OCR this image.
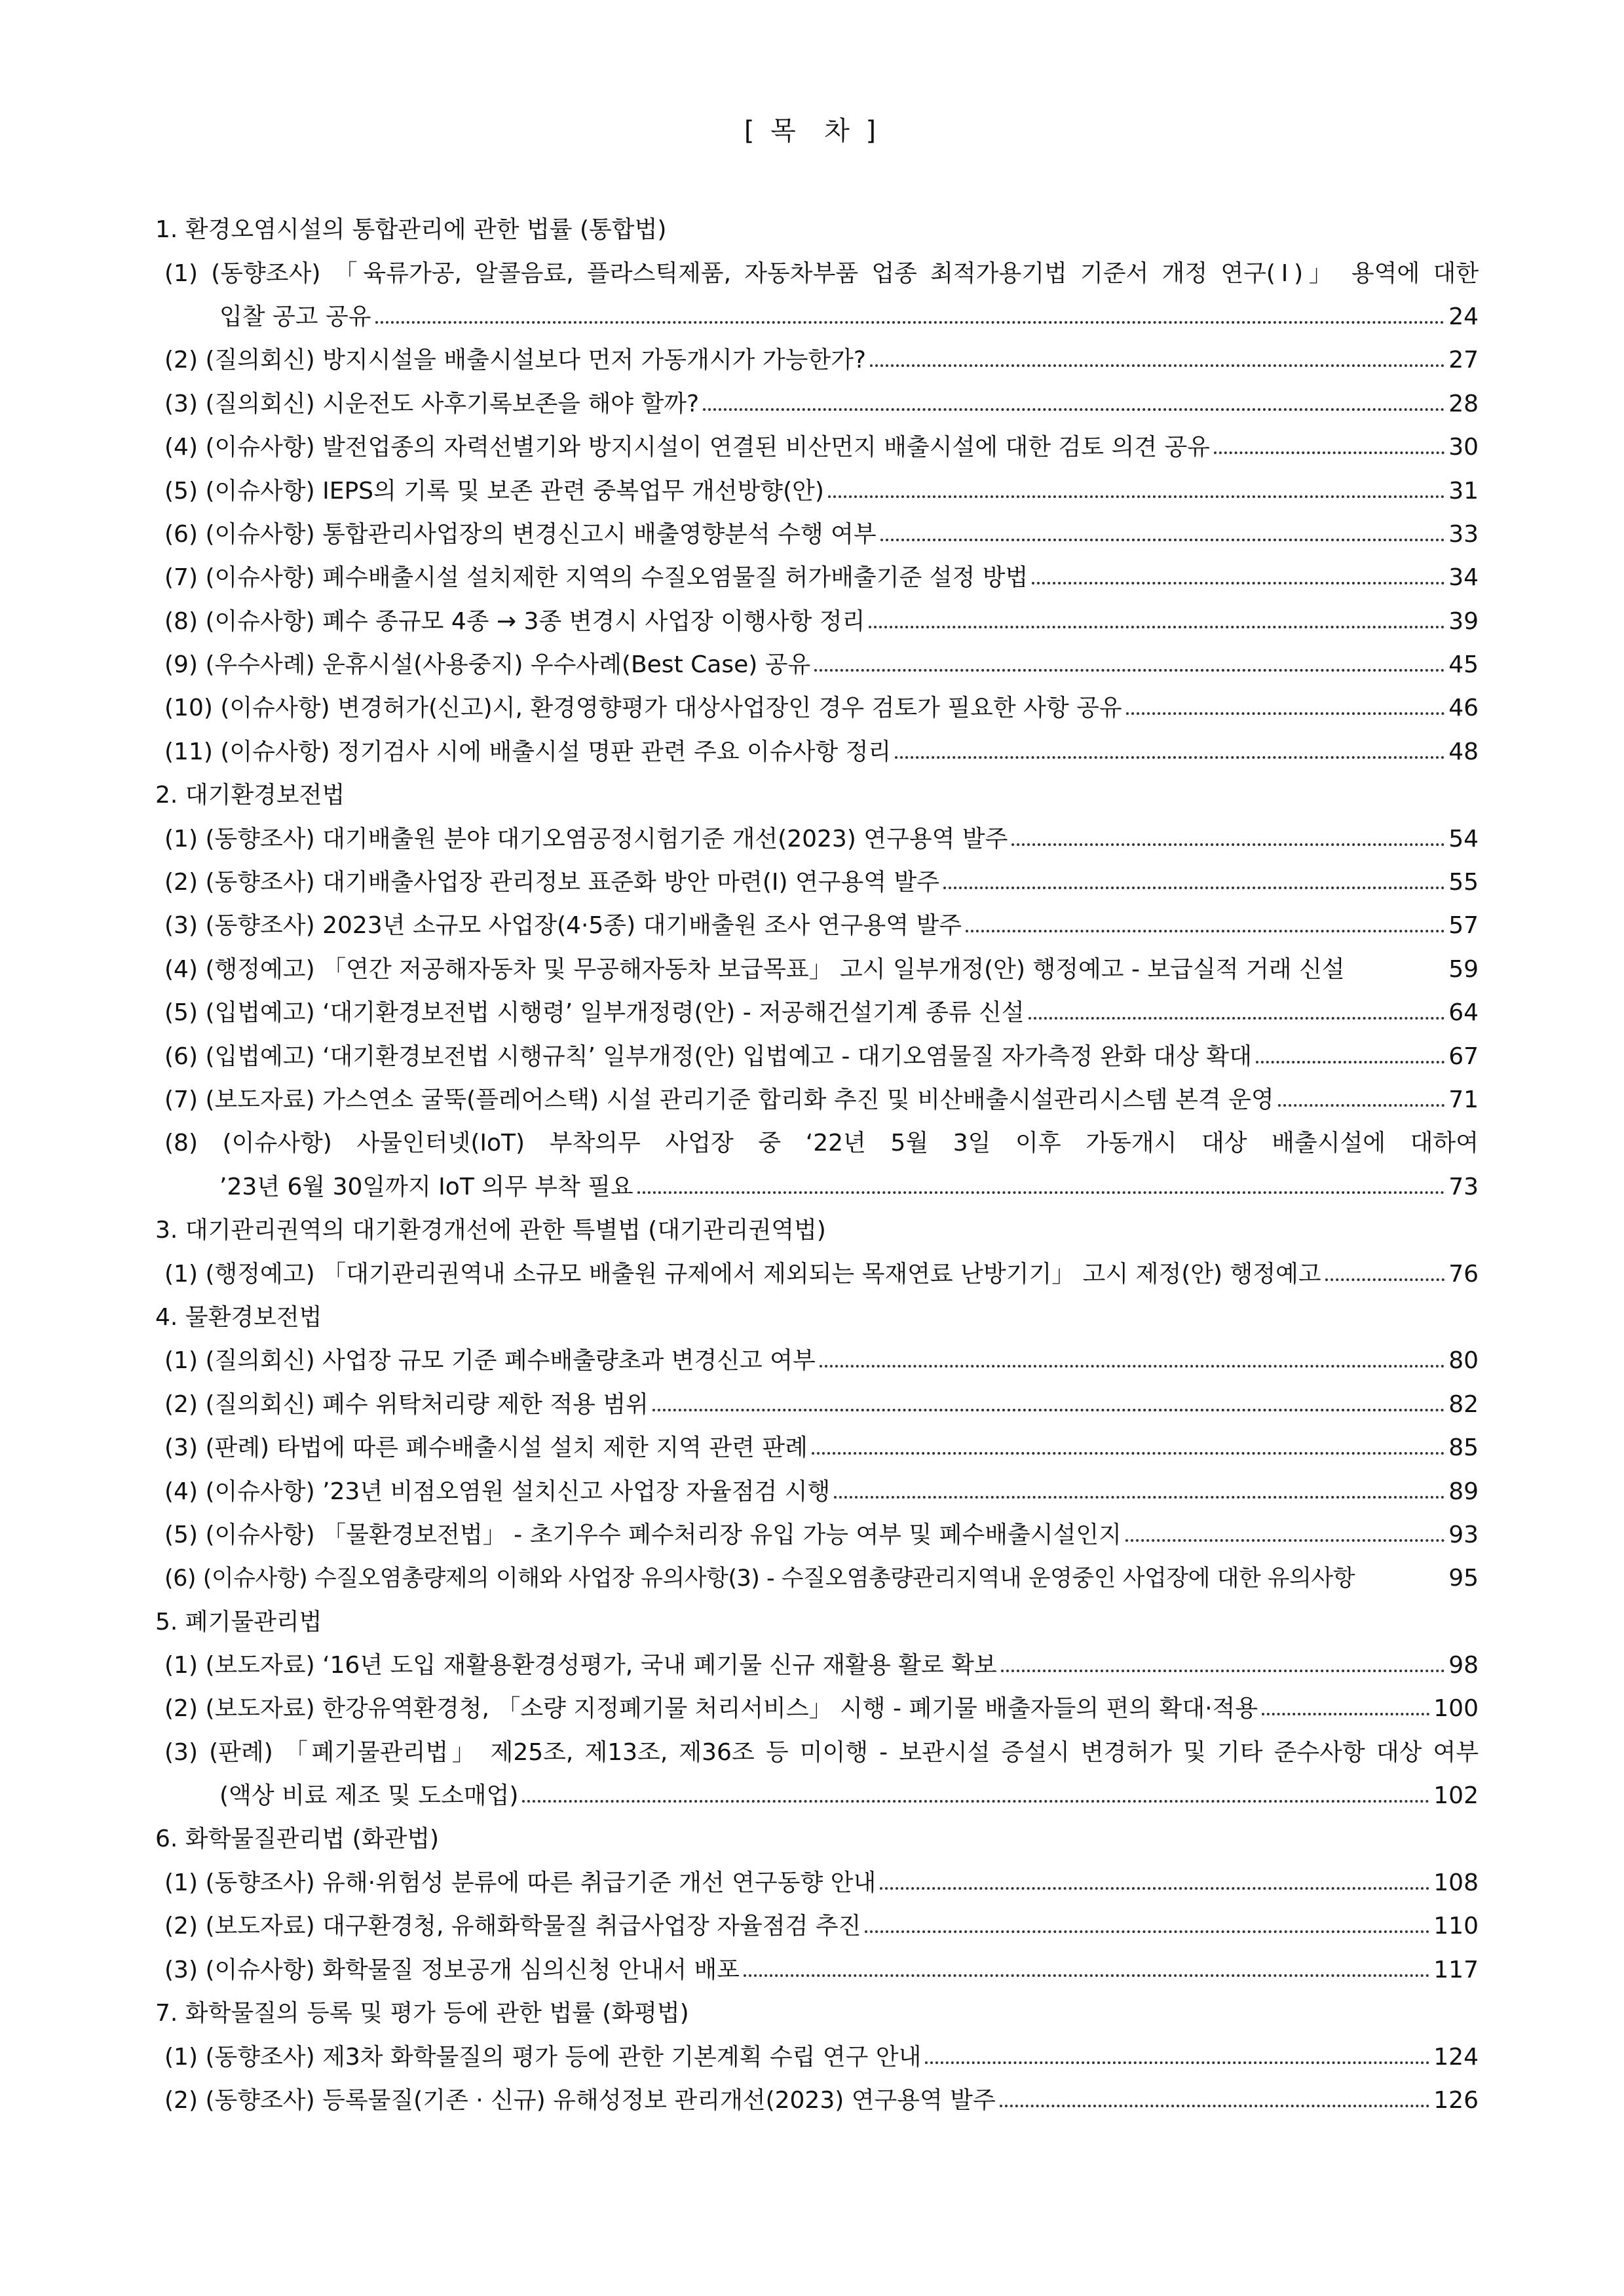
[ 목  차 ]
1. 환경오염시설의 통합관리에 관한 법률 (통합법)
(1) (동향조사) 「육류가공, 알콜음료, 플라스틱제품, 자동차부품 업종 최적가용기법 기준서 개정 연구(Ⅰ)」 용역에 대한
입찰 공고 공유	24
(2) (질의회신) 방지시설을 배출시설보다 먼저 가동개시가 가능한가?	27
(3) (질의회신) 시운전도 사후기록보존을 해야 할까?	28
(4) (이슈사항) 발전업종의 자력선별기와 방지시설이 연결된 비산먼지 배출시설에 대한 검토 의견 공유	30
(5) (이슈사항) IEPS의 기록 및 보존 관련 중복업무 개선방향(안)	31
(6) (이슈사항) 통합관리사업장의 변경신고시 배출영향분석 수행 여부	33
(7) (이슈사항) 폐수배출시설 설치제한 지역의 수질오염물질 허가배출기준 설정 방법	34
(8) (이슈사항) 폐수 종규모 4종 → 3종 변경시 사업장 이행사항 정리	39
(9) (우수사례) 운휴시설(사용중지) 우수사례(Best Case) 공유	45
(10) (이슈사항) 변경허가(신고)시, 환경영향평가 대상사업장인 경우 검토가 필요한 사항 공유	46
(11) (이슈사항) 정기검사 시에 배출시설 명판 관련 주요 이슈사항 정리	48
2. 대기환경보전법
(1) (동향조사) 대기배출원 분야 대기오염공정시험기준 개선(2023) 연구용역 발주	54
(2) (동향조사) 대기배출사업장 관리정보 표준화 방안 마련(Ⅰ) 연구용역 발주	55
(3) (동향조사) 2023년 소규모 사업장(4·5종) 대기배출원 조사 연구용역 발주	57
(4) (행정예고) 「연간 저공해자동차 및 무공해자동차 보급목표」 고시 일부개정(안) 행정예고 - 보급실적 거래 신설	59
(5) (입법예고) ‘대기환경보전법 시행령’ 일부개정령(안) - 저공해건설기계 종류 신설	64
(6) (입법예고) ‘대기환경보전법 시행규칙’ 일부개정(안) 입법예고 - 대기오염물질 자가측정 완화 대상 확대	67
(7) (보도자료) 가스연소 굴뚝(플레어스택) 시설 관리기준 합리화 추진 및 비산배출시설관리시스템 본격 운영	71
(8) (이슈사항) 사물인터넷(IoT) 부착의무 사업장 중 ‘22년 5월 3일 이후 가동개시 대상 배출시설에 대하여
’23년 6월 30일까지 IoT 의무 부착 필요	73
3. 대기관리권역의 대기환경개선에 관한 특별법 (대기관리권역법)
(1) (행정예고) 「대기관리권역내 소규모 배출원 규제에서 제외되는 목재연료 난방기기」 고시 제정(안) 행정예고	76
4. 물환경보전법
(1) (질의회신) 사업장 규모 기준 폐수배출량초과 변경신고 여부	80
(2) (질의회신) 폐수 위탁처리량 제한 적용 범위	82
(3) (판례) 타법에 따른 폐수배출시설 설치 제한 지역 관련 판례	85
(4) (이슈사항) ’23년 비점오염원 설치신고 사업장 자율점검 시행	89
(5) (이슈사항) 「물환경보전법」 - 초기우수 폐수처리장 유입 가능 여부 및 폐수배출시설인지	93
(6) (이슈사항) 수질오염총량제의 이해와 사업장 유의사항(3) - 수질오염총량관리지역내 운영중인 사업장에 대한 유의사항	95
5. 폐기물관리법
(1) (보도자료) ‘16년 도입 재활용환경성평가, 국내 폐기물 신규 재활용 활로 확보	98
(2) (보도자료) 한강유역환경청, 「소량 지정폐기물 처리서비스」 시행 - 폐기물 배출자들의 편의 확대·적용	100
(3) (판례) 「폐기물관리법」 제25조, 제13조, 제36조 등 미이행 - 보관시설 증설시 변경허가 및 기타 준수사항 대상 여부
(액상 비료 제조 및 도소매업)	102
6. 화학물질관리법 (화관법)
(1) (동향조사) 유해·위험성 분류에 따른 취급기준 개선 연구동향 안내	108
(2) (보도자료) 대구환경청, 유해화학물질 취급사업장 자율점검 추진	110
(3) (이슈사항) 화학물질 정보공개 심의신청 안내서 배포	117
7. 화학물질의 등록 및 평가 등에 관한 법률 (화평법)
(1) (동향조사) 제3차 화학물질의 평가 등에 관한 기본계획 수립 연구 안내	124
(2) (동향조사) 등록물질(기존 · 신규) 유해성정보 관리개선(2023) 연구용역 발주	126
